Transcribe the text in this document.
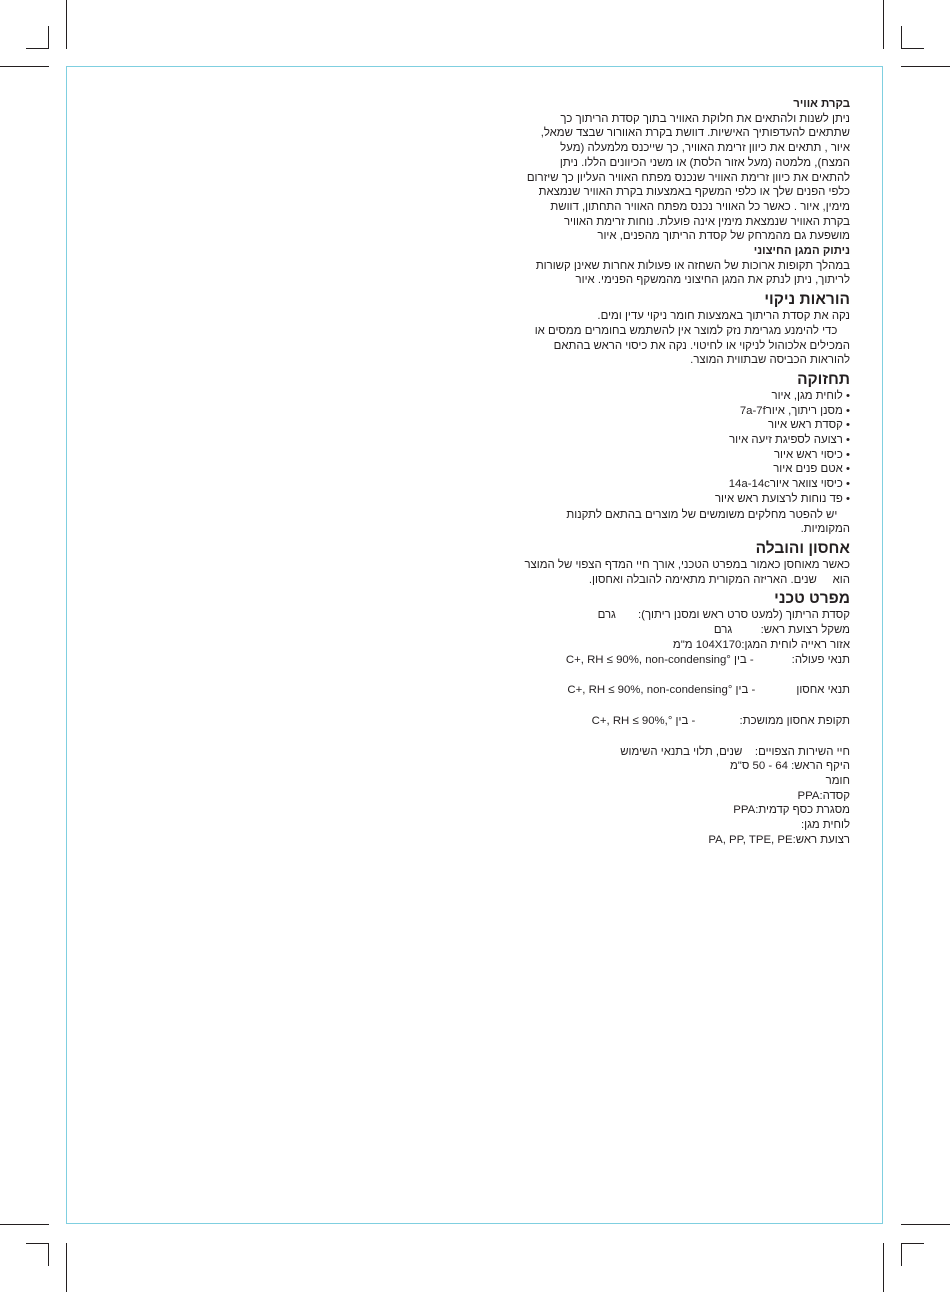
בקרת אוויר

ניתן לשנות ולהתאים את חלוקת האוויר בתוך קסדת הריתוך כך

שתתאים להעדפותיך האישיות. דוושת בקרת האוורור שבצד שמאל,

איור , תתאים את כיוון זרימת האוויר, כך שייכנס מלמעלה (מעל

המצח), מלמטה (מעל אזור הלסת) או משני הכיוונים הללו. ניתן

להתאים את כיוון זרימת האוויר שנכנס מפתח האוויר העליון כך שיזרום

כלפי הפנים שלך או כלפי המשקף באמצעות בקרת האוויר שנמצאת

מימין, איור . כאשר כל האוויר נכנס מפתח האוויר התחתון, דוושת

בקרת האוויר שנמצאת מימין אינה פועלת. נוחות זרימת האוויר

מושפעת גם מהמרחק של קסדת הריתוך מהפנים, איור

ניתוק המגן החיצוני

במהלך תקופות ארוכות של השחזה או פעולות אחרות שאינן קשורות

לריתוך, ניתן לנתק את המגן החיצוני מהמשקף הפנימי. איור

הוראות ניקוי

נקה את קסדת הריתוך באמצעות חומר ניקוי עדין ומים.

כדי להימנע מגרימת נזק למוצר אין להשתמש בחומרים ממסים או

המכילים אלכוהול לניקוי או לחיטוי. נקה את כיסוי הראש בהתאם

להוראות הכביסה שבתווית המוצר.

תחזוקה
• לוחית מגן, איור
• מסנן ריתוך, איור7a-7f
• קסדת ראש איור
• רצועה לספיגת זיעה איור
• כיסוי ראש איור
• אטם פנים איור
• כיסוי צוואר איור14a-14c
• פד נוחות לרצועת ראש איור

יש להפטר מחלקים משומשים של מוצרים בהתאם לתקנות

המקומיות.

אחסון והובלה

כאשר מאוחסן כאמור במפרט הטכני, אורך חיי המדף הצפוי של המוצר

הוא     שנים. האריזה המקורית מתאימה להובלה ואחסון.

מפרט טכני
קסדת הריתוך (למעט סרט ראש ומסנן ריתוך):       גרם
משקל רצועת ראש:         גרם
אזור ראייה לוחית המגן:104X170 מ"מ
תנאי פעולה:            - בין °C+, RH ≤ 90%, non-condensing
תנאי אחסון             - בין °C+, RH ≤ 90%, non-condensing
תקופת אחסון ממושכת:              - בין °,C+, RH ≤ 90%
חיי השירות הצפויים:    שנים, תלוי בתנאי השימוש
היקף הראש: 64 - 50 ס"מ
חומר
קסדה:PPA
מסגרת כסף קדמית:PPA
לוחית מגן:
רצועת ראש:PA, PP, TPE, PE
